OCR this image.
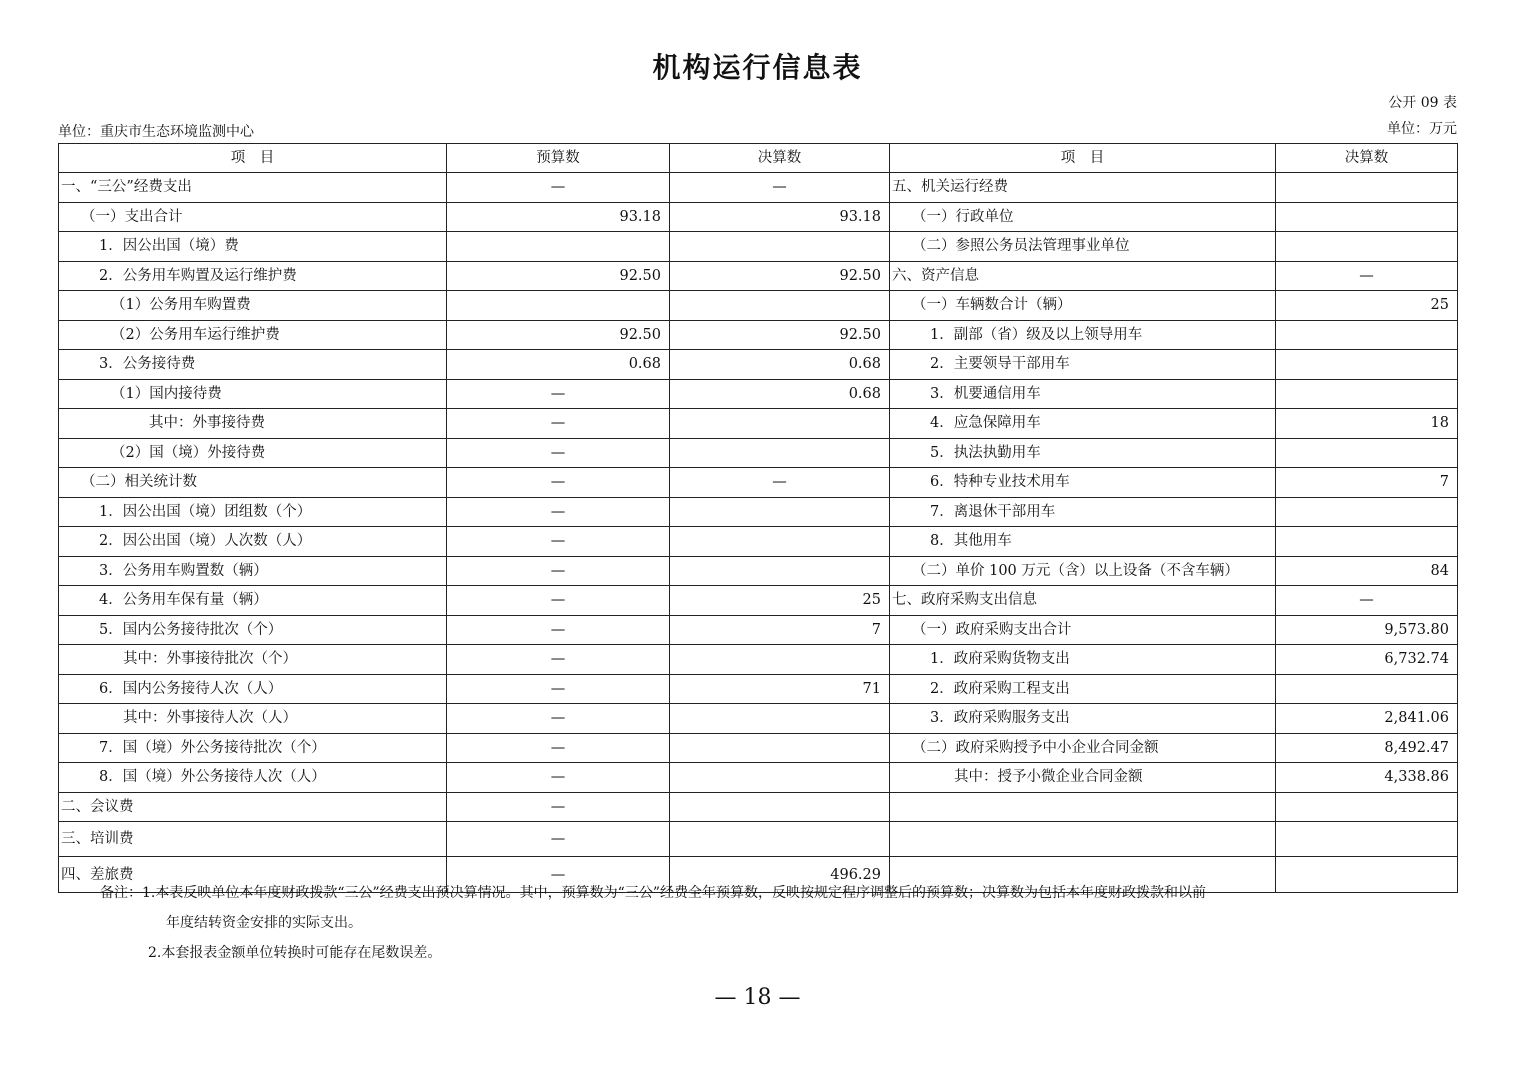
机构运行信息表
公开 09 表
单位：重庆市生态环境监测中心	单位：万元
项　目	预算数	决算数	项　目	决算数
一、“三公”经费支出	—	—	五、机关运行经费	
（一）支出合计	93.18	93.18	（一）行政单位	
1．因公出国（境）费			（二）参照公务员法管理事业单位	
2．公务用车购置及运行维护费	92.50	92.50	六、资产信息	—
（1）公务用车购置费			（一）车辆数合计（辆）	25
（2）公务用车运行维护费	92.50	92.50	1．副部（省）级及以上领导用车	
3．公务接待费	0.68	0.68	2．主要领导干部用车	
（1）国内接待费	—	0.68	3．机要通信用车	
其中：外事接待费	—		4．应急保障用车	18
（2）国（境）外接待费	—		5．执法执勤用车	
（二）相关统计数	—	—	6．特种专业技术用车	7
1．因公出国（境）团组数（个）	—		7．离退休干部用车	
2．因公出国（境）人次数（人）	—		8．其他用车	
3．公务用车购置数（辆）	—		（二）单价 100 万元（含）以上设备（不含车辆）	84
4．公务用车保有量（辆）	—	25	七、政府采购支出信息	—
5．国内公务接待批次（个）	—	7	（一）政府采购支出合计	9,573.80
其中：外事接待批次（个）	—		1．政府采购货物支出	6,732.74
6．国内公务接待人次（人）	—	71	2．政府采购工程支出	
其中：外事接待人次（人）	—		3．政府采购服务支出	2,841.06
7．国（境）外公务接待批次（个）	—		（二）政府采购授予中小企业合同金额	8,492.47
8．国（境）外公务接待人次（人）	—		其中：授予小微企业合同金额	4,338.86
二、会议费	—			
三、培训费	—			
四、差旅费	—	496.29		
备注：1.本表反映单位本年度财政拨款“三公”经费支出预决算情况。其中，预算数为“三公”经费全年预算数，反映按规定程序调整后的预算数；决算数为包括本年度财政拨款和以前
年度结转资金安排的实际支出。
2.本套报表金额单位转换时可能存在尾数误差。
— 18 —
